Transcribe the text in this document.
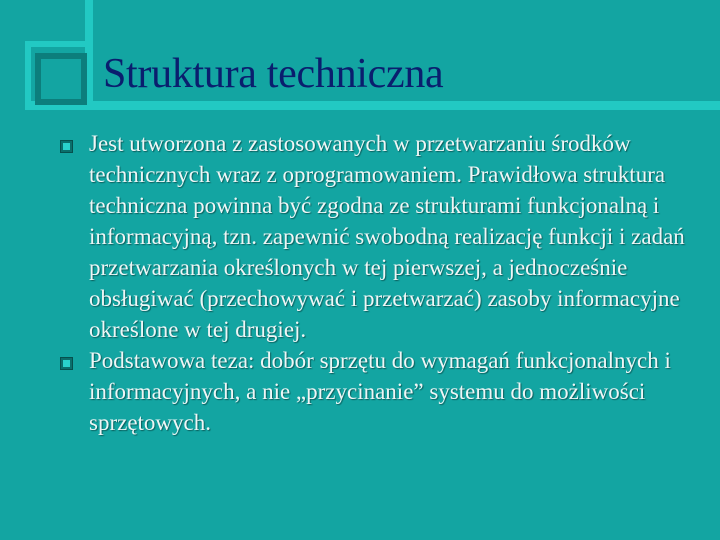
Struktura techniczna
Jest utworzona z zastosowanych w przetwarzaniu środków technicznych wraz z oprogramowaniem. Prawidłowa struktura techniczna powinna być zgodna ze strukturami funkcjonalną i informacyjną, tzn. zapewnić swobodną realizację funkcji i zadań przetwarzania określonych w tej pierwszej, a jednocześnie obsługiwać (przechowywać i przetwarzać) zasoby informacyjne określone w tej drugiej.
Podstawowa teza: dobór sprzętu do wymagań funkcjonalnych i informacyjnych, a nie „przycinanie” systemu do możliwości sprzętowych.
